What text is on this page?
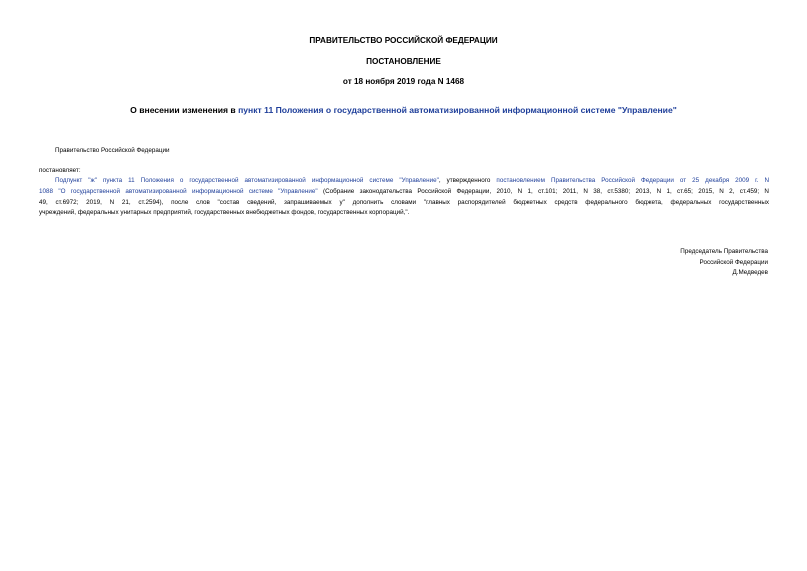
ПРАВИТЕЛЬСТВО РОССИЙСКОЙ ФЕДЕРАЦИИ
ПОСТАНОВЛЕНИЕ
от 18 ноября 2019 года N 1468
О внесении изменения в пункт 11 Положения о государственной автоматизированной информационной системе "Управление"
Правительство Российской Федерации
постановляет:
Подпункт "ж" пункта 11 Положения о государственной автоматизированной информационной системе "Управление", утвержденного постановлением Правительства Российской Федерации от 25 декабря 2009 г. N
1088 "О государственной автоматизированной информационной системе "Управление" (Собрание законодательства Российской Федерации, 2010, N 1, ст.101; 2011, N 38, ст.5380; 2013, N 1, ст.65; 2015, N 2, ст.459; N
49, ст.6972; 2019, N 21, ст.2594), после слов "состав сведений, запрашиваемых у" дополнить словами "главных распорядителей бюджетных средств федерального бюджета, федеральных государственных
учреждений, федеральных унитарных предприятий, государственных внебюджетных фондов, государственных корпораций,".
Председатель Правительства
Российской Федерации
Д.Медведев
